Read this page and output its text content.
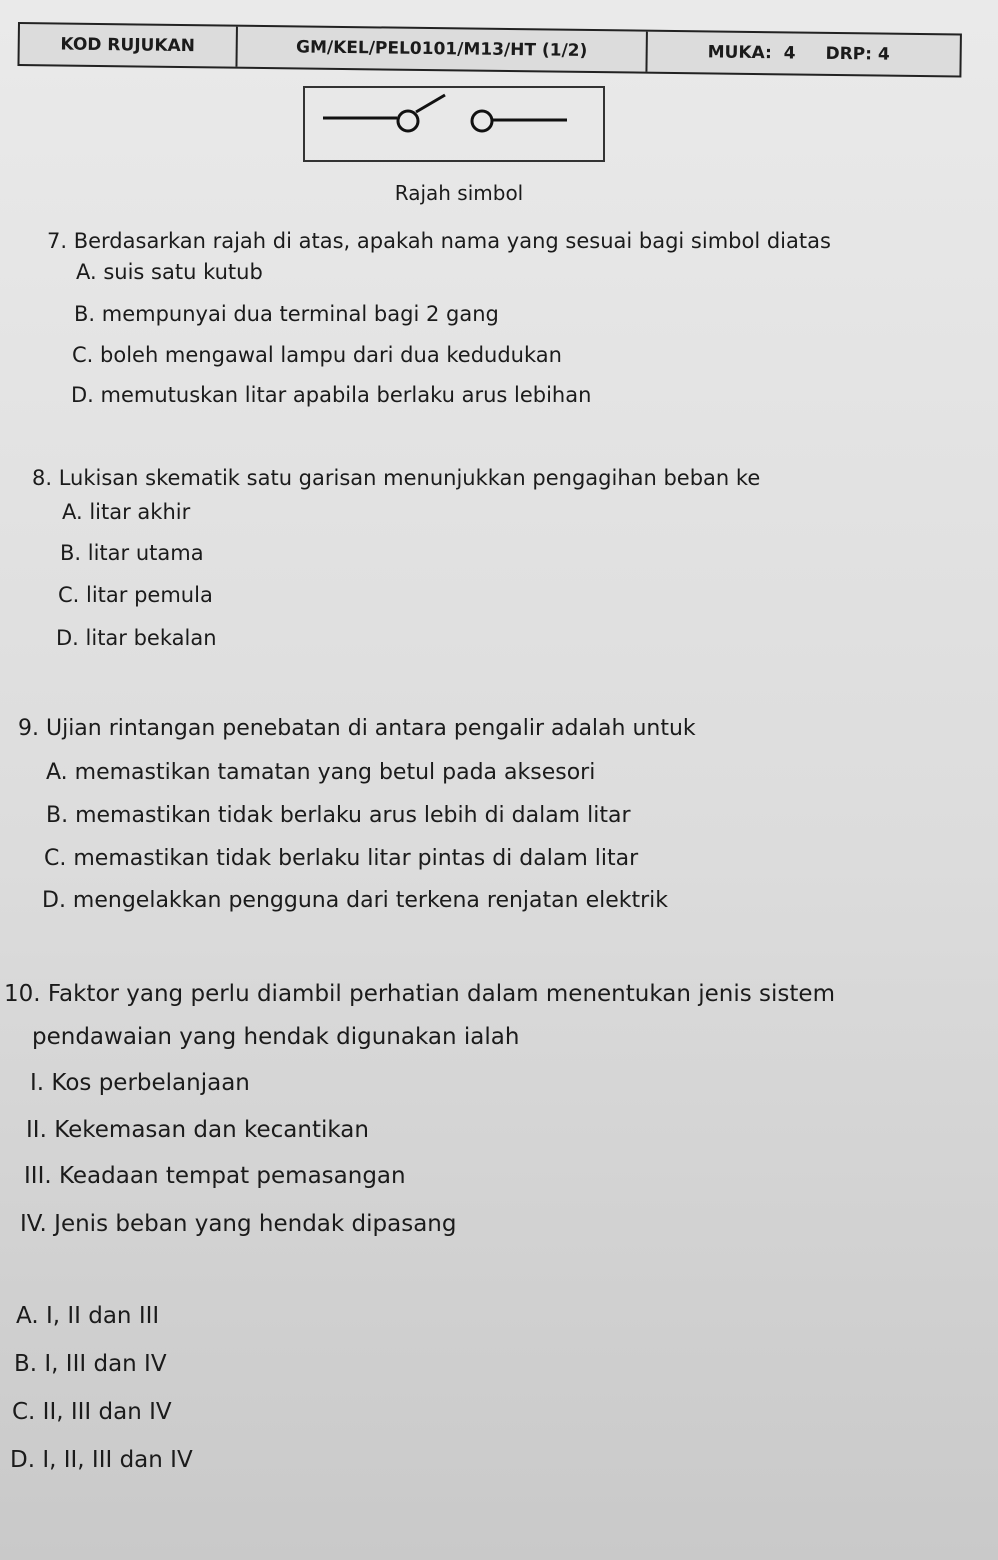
KOD RUJUKAN	GM/KEL/PEL0101/M13/HT (1/2)	MUKA: 4 DRP: 4
Rajah simbol
7. Berdasarkan rajah di atas, apakah nama yang sesuai bagi simbol diatas
A. suis satu kutub
B. mempunyai dua terminal bagi 2 gang
C. boleh mengawal lampu dari dua kedudukan
D. memutuskan litar apabila berlaku arus lebihan
8. Lukisan skematik satu garisan menunjukkan pengagihan beban ke
A. litar akhir
B. litar utama
C. litar pemula
D. litar bekalan
9. Ujian rintangan penebatan di antara pengalir adalah untuk
A. memastikan tamatan yang betul pada aksesori
B. memastikan tidak berlaku arus lebih di dalam litar
C. memastikan tidak berlaku litar pintas di dalam litar
D. mengelakkan pengguna dari terkena renjatan elektrik
10. Faktor yang perlu diambil perhatian dalam menentukan jenis sistem
pendawaian yang hendak digunakan ialah
I. Kos perbelanjaan
II. Kekemasan dan kecantikan
III. Keadaan tempat pemasangan
IV. Jenis beban yang hendak dipasang
A. I, II dan III
B. I, III dan IV
C. II, III dan IV
D. I, II, III dan IV
